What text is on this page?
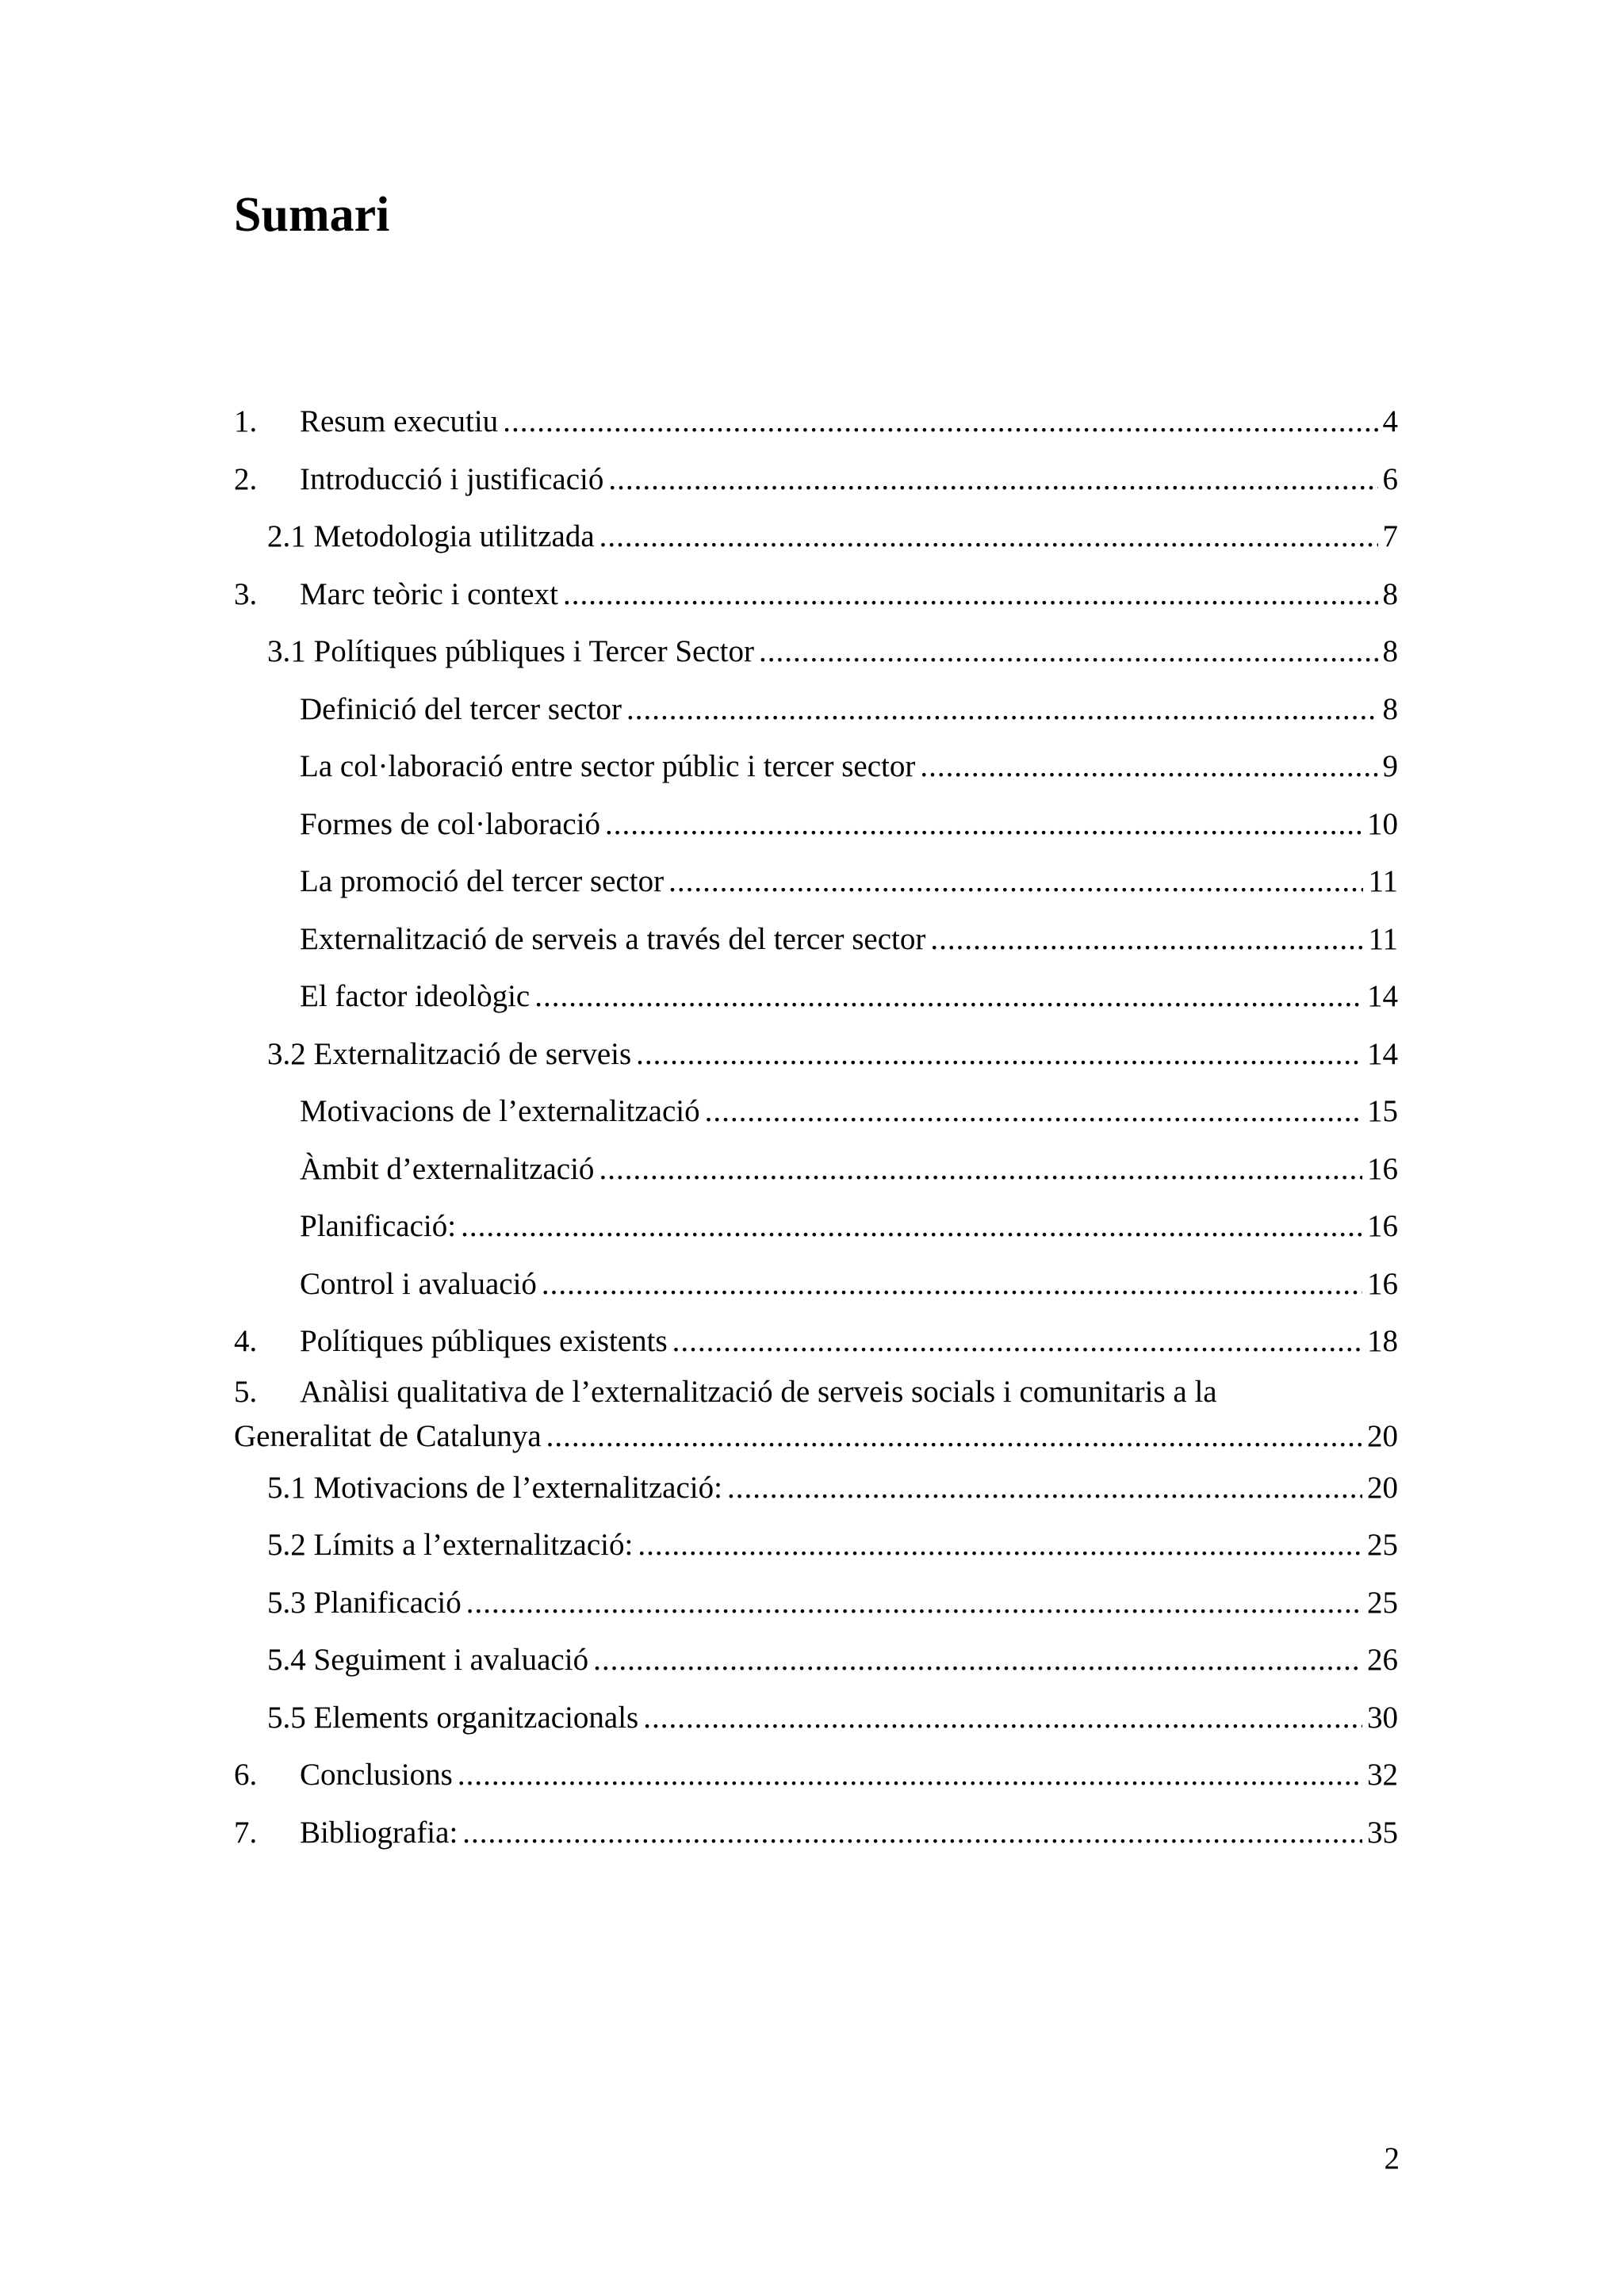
Sumari
1.	Resum executiu .....	4
2.	Introducció i justificació .....	6
2.1 Metodologia utilitzada .....	7
3.	Marc teòric i context .....	8
3.1 Polítiques públiques i Tercer Sector .....	8
Definició del tercer sector .....	8
La col·laboració entre sector públic i tercer sector .....	9
Formes de col·laboració .....	10
La promoció del tercer sector .....	11
Externalització de serveis a través del tercer sector .....	11
El factor ideològic .....	14
3.2 Externalització de serveis .....	14
Motivacions de l’externalització .....	15
Àmbit d’externalització .....	16
Planificació: .....	16
Control i avaluació .....	16
4.	Polítiques públiques existents .....	18
5. Anàlisi qualitativa de l’externalització de serveis socials i comunitaris a la
Generalitat de Catalunya .....	20
5.1 Motivacions de l’externalització: .....	20
5.2 Límits a l’externalització: .....	25
5.3 Planificació .....	25
5.4 Seguiment i avaluació .....	26
5.5 Elements organitzacionals .....	30
6.	Conclusions .....	32
7.	Bibliografia: .....	35
2
